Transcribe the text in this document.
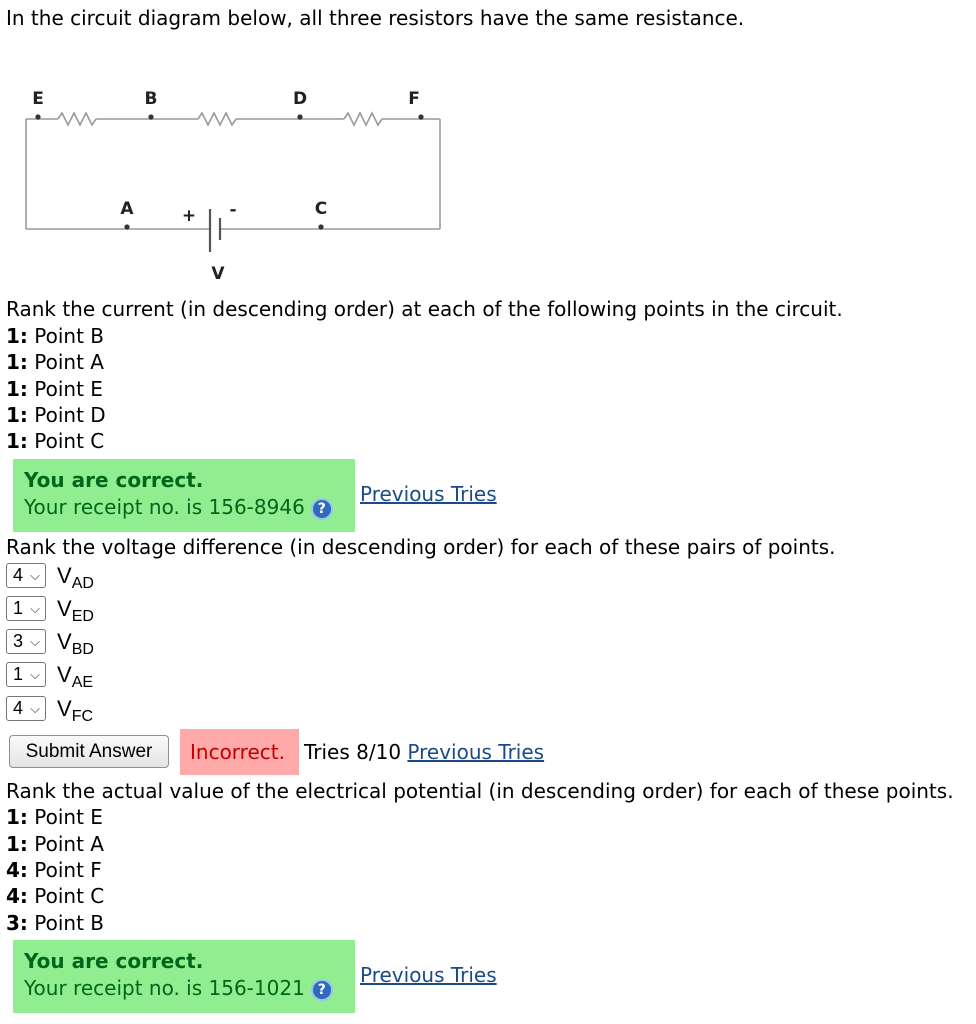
In the circuit diagram below, all three resistors have the same resistance.
E	B	D	F
A	C
+ -
V
Rank the current (in descending order) at each of the following points in the circuit.
1: Point B
1: Point A
1: Point E
1: Point D
1: Point C
You are correct.
Your receipt no. is 156-8946 ?
Previous Tries
Rank the voltage difference (in descending order) for each of these pairs of points.
4 ⌵ $V_{AD}$
1 ⌵ $V_{ED}$
3 ⌵ $V_{BD}$
1 ⌵ $V_{AE}$
4 ⌵ $V_{FC}$
Submit Answer	Incorrect. Tries 8/10 Previous Tries
Rank the actual value of the electrical potential (in descending order) for each of these points.
1: Point E
1: Point A
4: Point F
4: Point C
3: Point B
You are correct.
Your receipt no. is 156-1021 ?
Previous Tries
